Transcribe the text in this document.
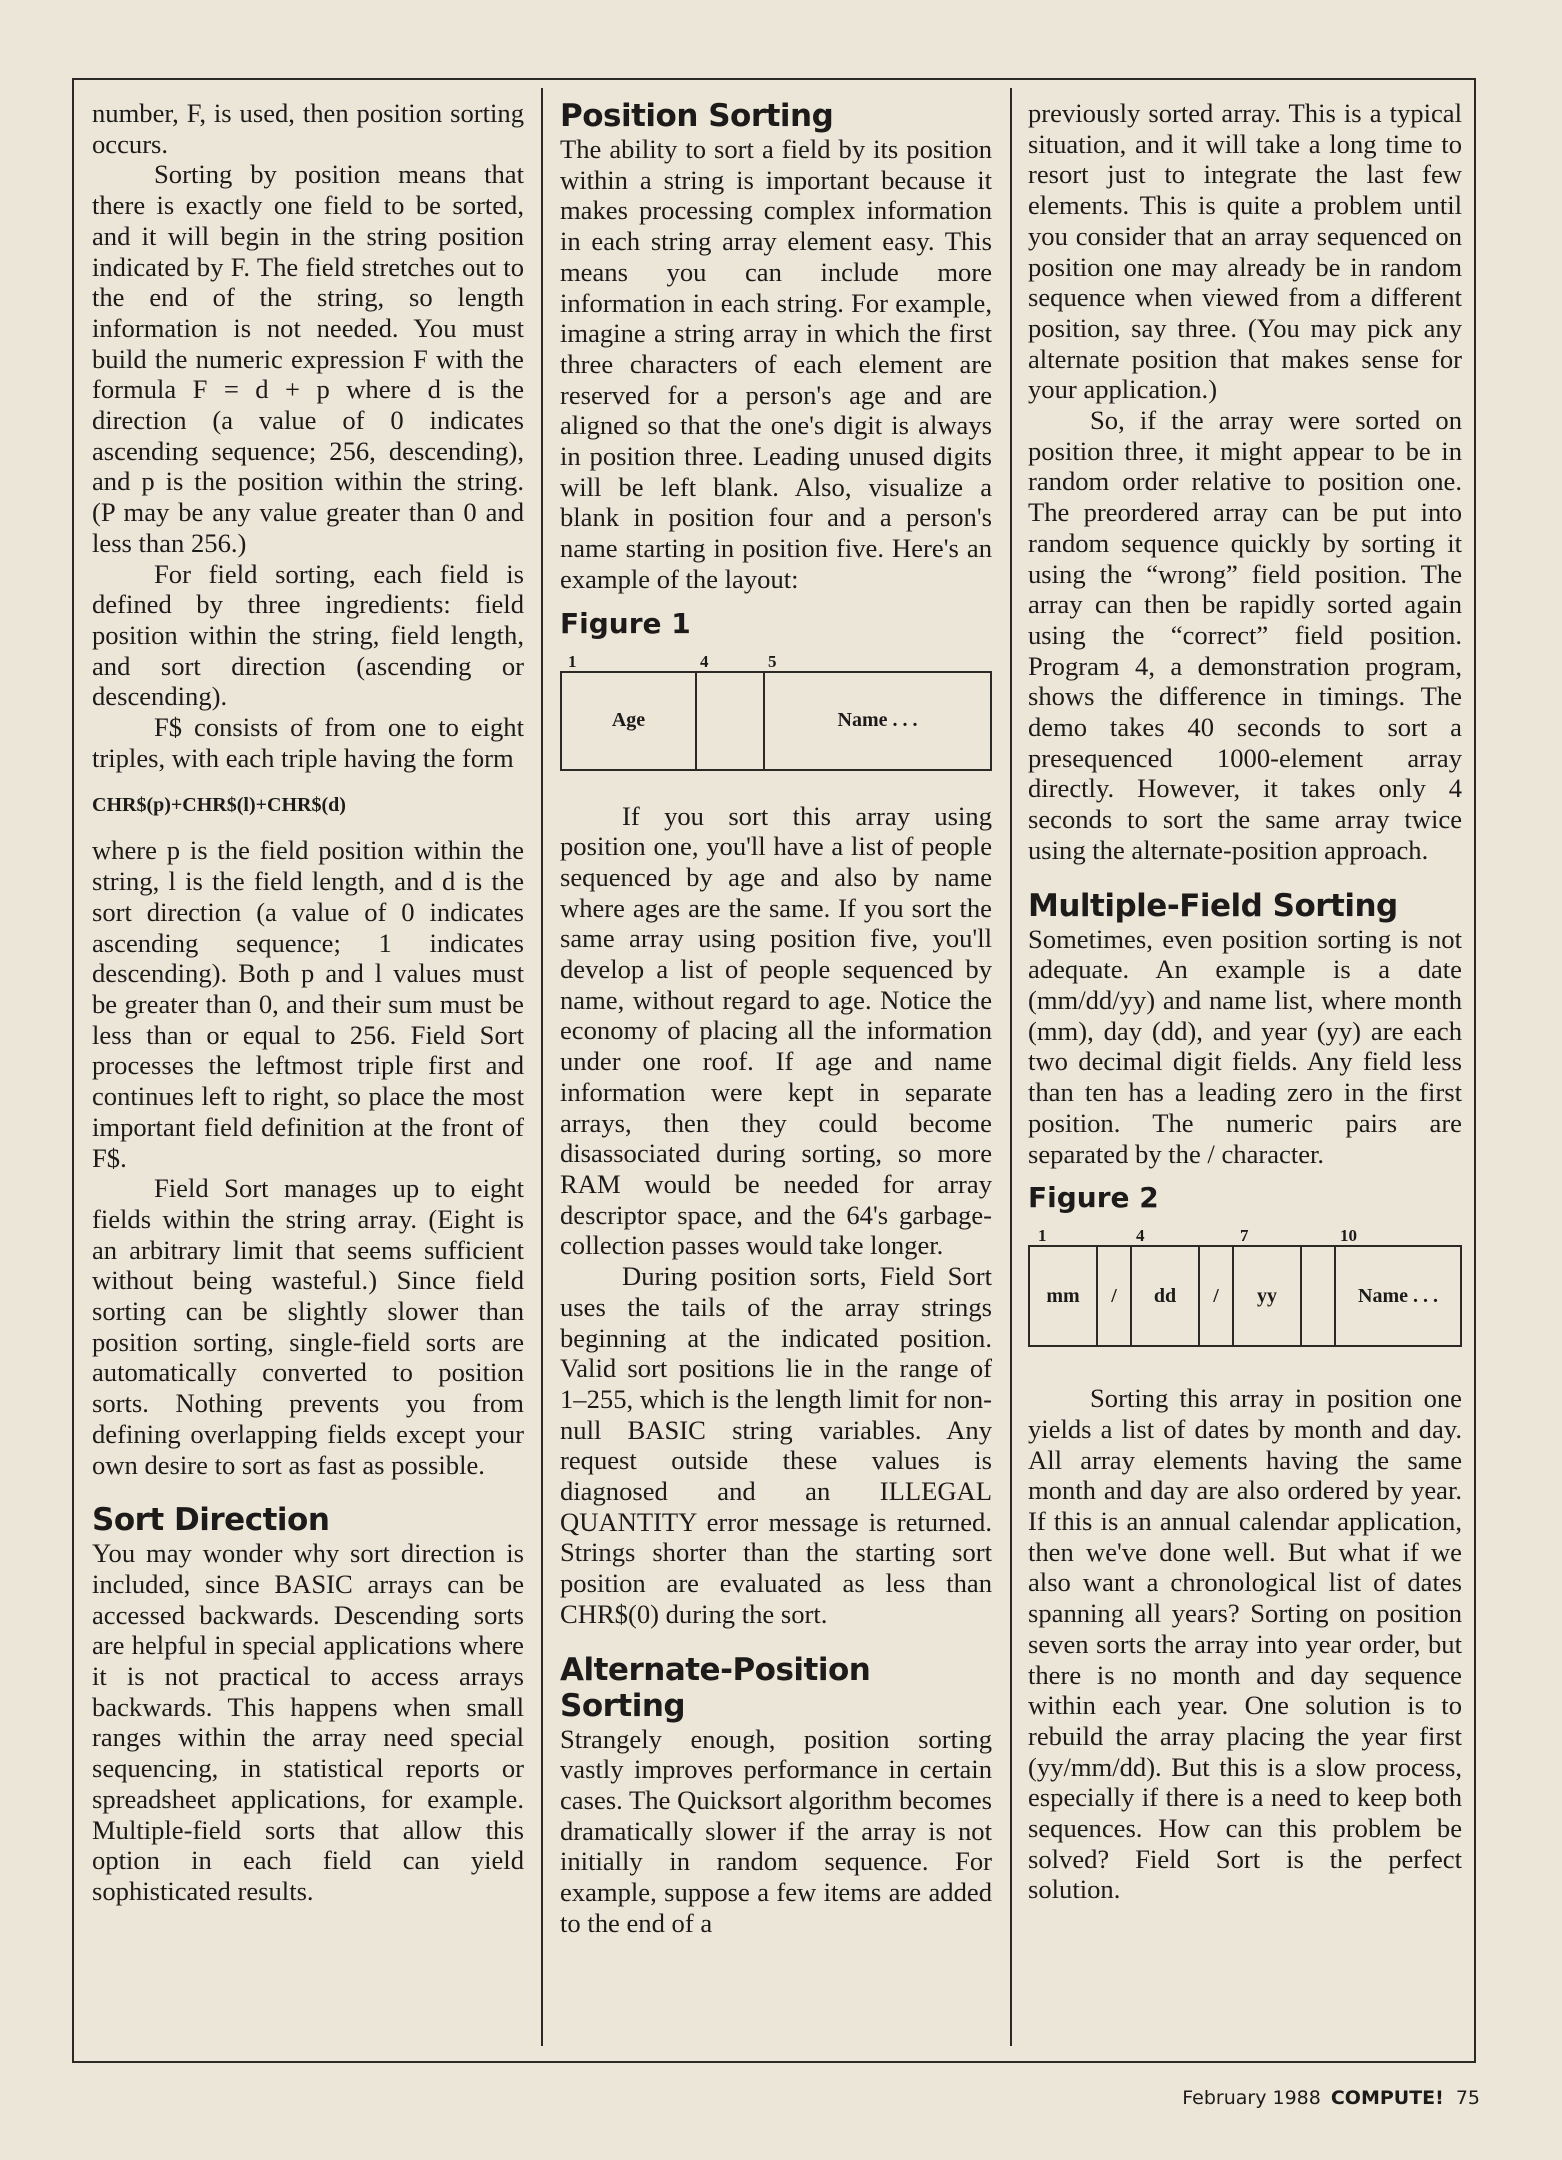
number, F, is used, then position sorting occurs.

Sorting by position means that there is exactly one field to be sorted, and it will begin in the string position indicated by F. The field stretches out to the end of the string, so length information is not needed. You must build the numeric expression F with the formula F = d + p where d is the direction (a value of 0 indicates ascending sequence; 256, descending), and p is the position within the string. (P may be any value greater than 0 and less than 256.)

For field sorting, each field is defined by three ingredients: field position within the string, field length, and sort direction (ascending or descending).

F$ consists of from one to eight triples, with each triple having the form

CHR$(p)+CHR$(l)+CHR$(d)

where p is the field position within the string, l is the field length, and d is the sort direction (a value of 0 indicates ascending sequence; 1 indicates descending). Both p and l values must be greater than 0, and their sum must be less than or equal to 256. Field Sort processes the leftmost triple first and continues left to right, so place the most important field definition at the front of F$.

Field Sort manages up to eight fields within the string array. (Eight is an arbitrary limit that seems sufficient without being wasteful.) Since field sorting can be slightly slower than position sorting, single-field sorts are automatically converted to position sorts. Nothing prevents you from defining overlapping fields except your own desire to sort as fast as possible.

Sort Direction

You may wonder why sort direction is included, since BASIC arrays can be accessed backwards. Descending sorts are helpful in special applications where it is not practical to access arrays backwards. This happens when small ranges within the array need special sequencing, in statistical reports or spreadsheet applications, for example. Multiple-field sorts that allow this option in each field can yield sophisticated results.

Position Sorting

The ability to sort a field by its position within a string is important because it makes processing complex information in each string array element easy. This means you can include more information in each string. For example, imagine a string array in which the first three characters of each element are reserved for a person's age and are aligned so that the one's digit is always in position three. Leading unused digits will be left blank. Also, visualize a blank in position four and a person's name starting in position five. Here's an example of the layout:

Figure 1
1	4	5
Age		Name . . .

If you sort this array using position one, you'll have a list of people sequenced by age and also by name where ages are the same. If you sort the same array using position five, you'll develop a list of people sequenced by name, without regard to age. Notice the economy of placing all the information under one roof. If age and name information were kept in separate arrays, then they could become disassociated during sorting, so more RAM would be needed for array descriptor space, and the 64's garbage-collection passes would take longer.

During position sorts, Field Sort uses the tails of the array strings beginning at the indicated position. Valid sort positions lie in the range of 1–255, which is the length limit for non-null BASIC string variables. Any request outside these values is diagnosed and an ILLEGAL QUANTITY error message is returned. Strings shorter than the starting sort position are evaluated as less than CHR$(0) during the sort.

Alternate-Position Sorting

Strangely enough, position sorting vastly improves performance in certain cases. The Quicksort algorithm becomes dramatically slower if the array is not initially in random sequence. For example, suppose a few items are added to the end of a

previously sorted array. This is a typical situation, and it will take a long time to resort just to integrate the last few elements. This is quite a problem until you consider that an array sequenced on position one may already be in random sequence when viewed from a different position, say three. (You may pick any alternate position that makes sense for your application.)

So, if the array were sorted on position three, it might appear to be in random order relative to position one. The preordered array can be put into random sequence quickly by sorting it using the “wrong” field position. The array can then be rapidly sorted again using the “correct” field position. Program 4, a demonstration program, shows the difference in timings. The demo takes 40 seconds to sort a presequenced 1000-element array directly. However, it takes only 4 seconds to sort the same array twice using the alternate-position approach.

Multiple-Field Sorting

Sometimes, even position sorting is not adequate. An example is a date (mm/dd/yy) and name list, where month (mm), day (dd), and year (yy) are each two decimal digit fields. Any field less than ten has a leading zero in the first position. The numeric pairs are separated by the / character.

Figure 2
1	4	7	10
mm	/	dd	/	yy		Name . . .

Sorting this array in position one yields a list of dates by month and day. All array elements having the same month and day are also ordered by year. If this is an annual calendar application, then we've done well. But what if we also want a chronological list of dates spanning all years? Sorting on position seven sorts the array into year order, but there is no month and day sequence within each year. One solution is to rebuild the array placing the year first (yy/mm/dd). But this is a slow process, especially if there is a need to keep both sequences. How can this problem be solved? Field Sort is the perfect solution.

February 1988 COMPUTE! 75
